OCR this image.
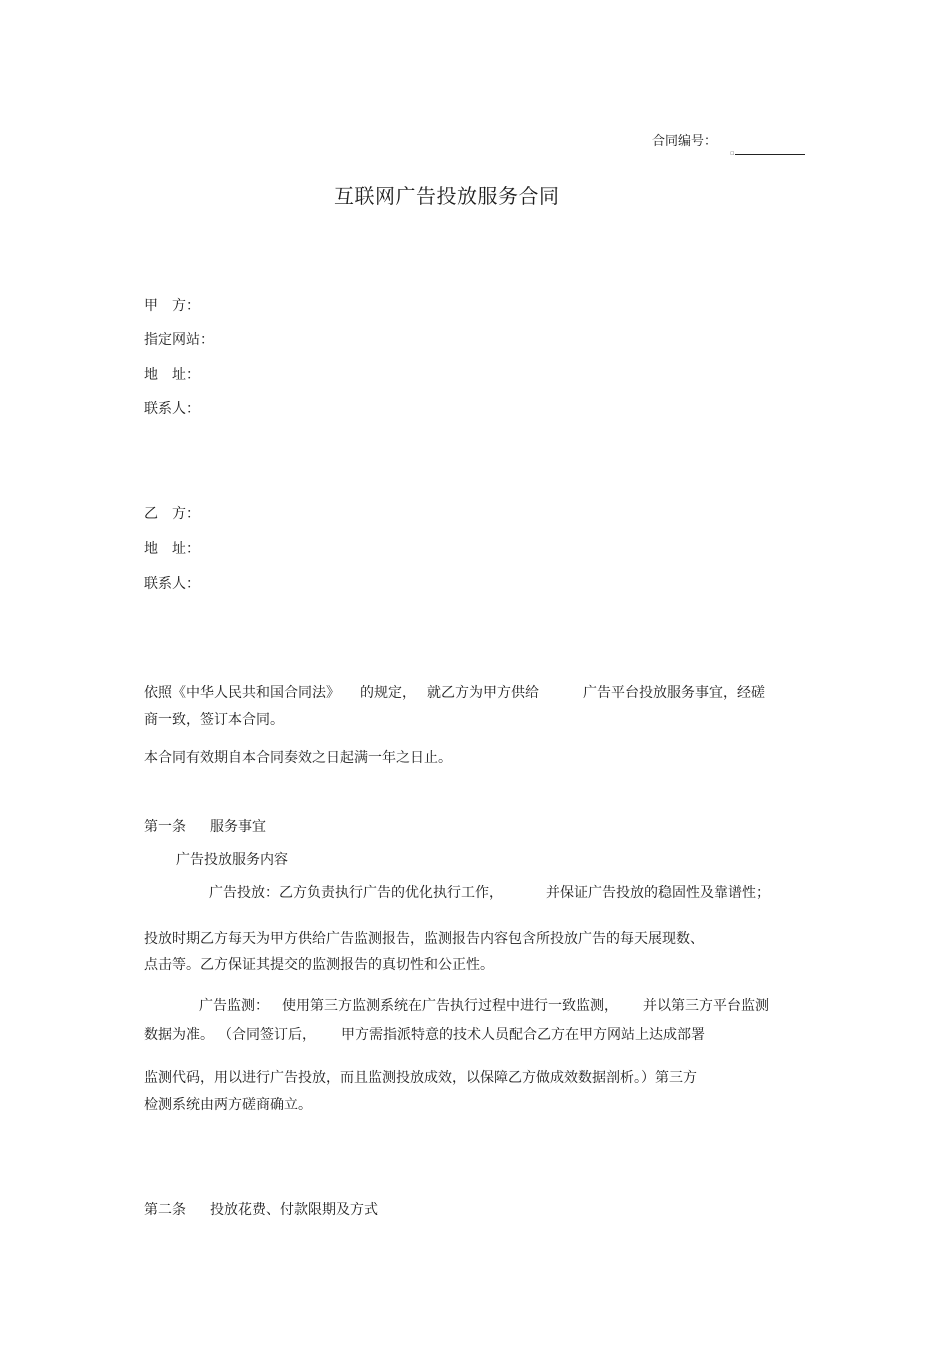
合同编号：
▫
互联网广告投放服务合同
甲　方：
指定网站：
地　址：
联系人：
乙　方：
地　址：
联系人：
依照《中华人民共和国合同法》 的规定， 就乙方为甲方供给	广告平台投放服务事宜，经磋
商一致，签订本合同。
本合同有效期自本合同奏效之日起满一年之日止。
第一条 服务事宜
广告投放服务内容
广告投放：乙方负责执行广告的优化执行工作，	并保证广告投放的稳固性及靠谱性；
投放时期乙方每天为甲方供给广告监测报告，监测报告内容包含所投放广告的每天展现数、
点击等。乙方保证其提交的监测报告的真切性和公正性。
广告监测： 使用第三方监测系统在广告执行过程中进行一致监测， 并以第三方平台监测
数据为准。 （合同签订后， 甲方需指派特意的技术人员配合乙方在甲方网站上达成部署
监测代码，用以进行广告投放，而且监测投放成效，以保障乙方做成效数据剖析。）第三方
检测系统由两方磋商确立。
第二条 投放花费、付款限期及方式
